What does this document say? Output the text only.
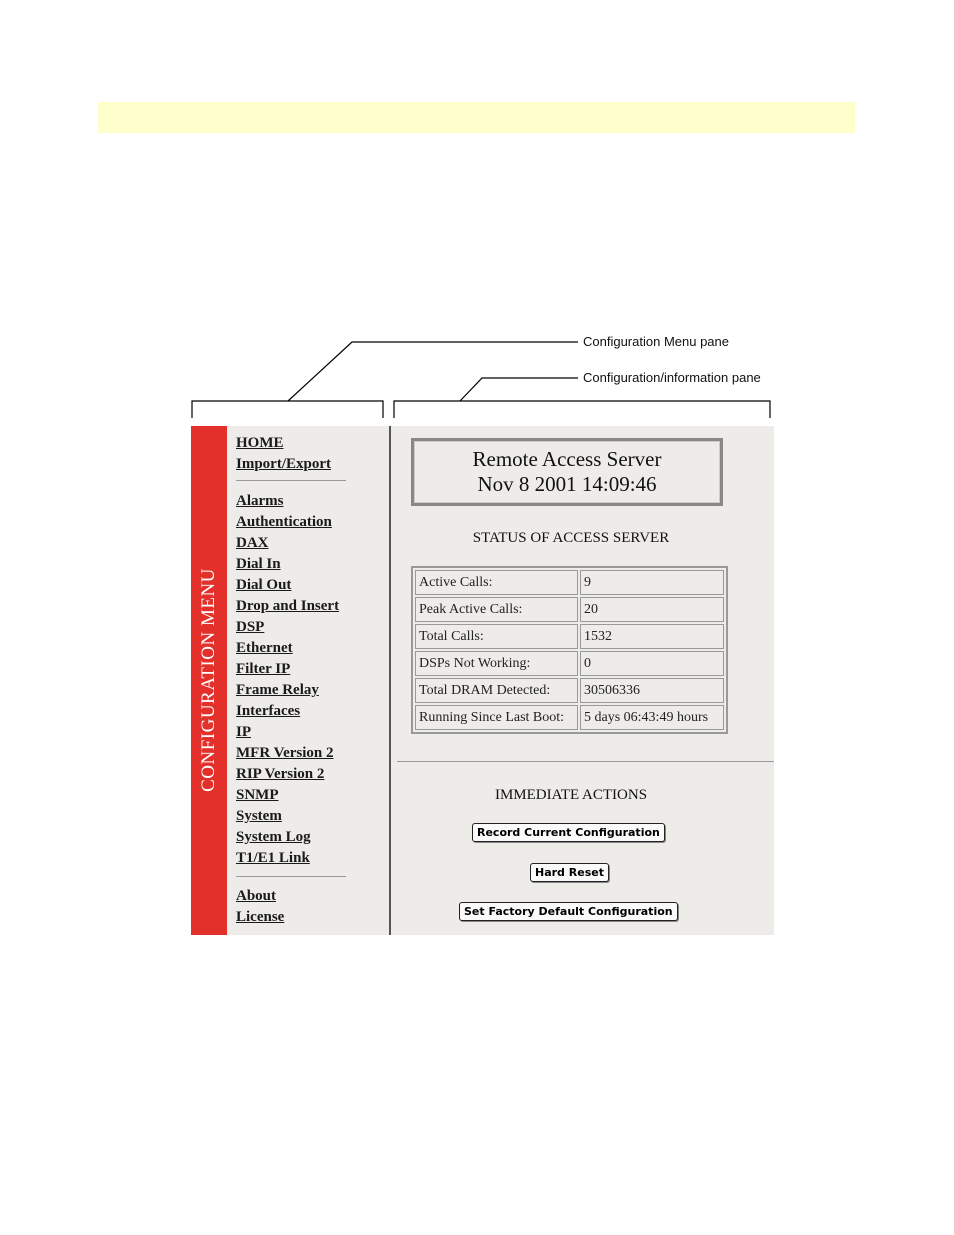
Configuration Menu pane
Configuration/information pane
CONFIGURATION MENU
HOME
Import/Export
Alarms
Authentication
DAX
Dial In
Dial Out
Drop and Insert
DSP
Ethernet
Filter IP
Frame Relay
Interfaces
IP
MFR Version 2
RIP Version 2
SNMP
System
System Log
T1/E1 Link
About
License
Remote Access Server
Nov 8 2001 14:09:46
STATUS OF ACCESS SERVER
Active Calls:	9
Peak Active Calls:	20
Total Calls:	1532
DSPs Not Working:	0
Total DRAM Detected:	30506336
Running Since Last Boot:	5 days 06:43:49 hours
IMMEDIATE ACTIONS
Record Current Configuration
Hard Reset
Set Factory Default Configuration
